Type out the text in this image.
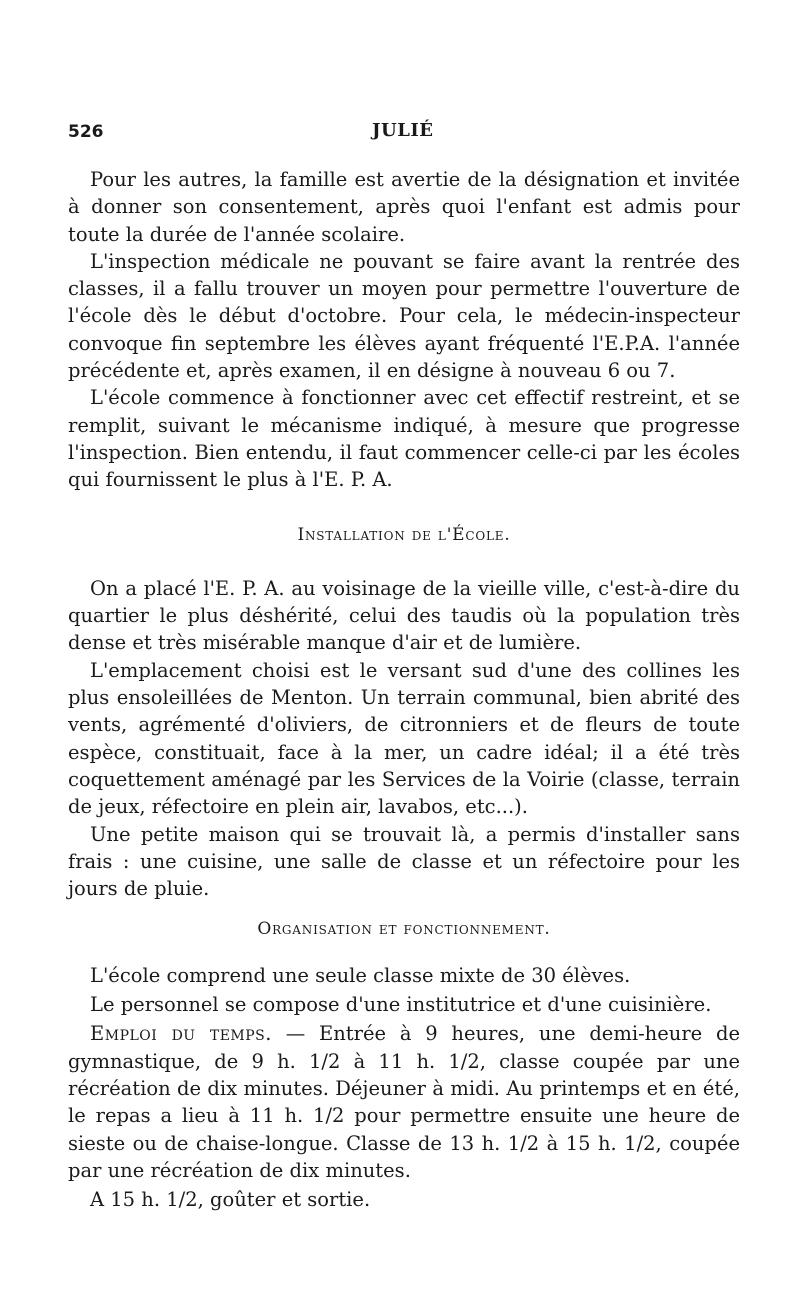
526	JULIÉ

Pour les autres, la famille est avertie de la désignation et invitée à donner son consentement, après quoi l'enfant est admis pour toute la durée de l'année scolaire.

L'inspection médicale ne pouvant se faire avant la rentrée des classes, il a fallu trouver un moyen pour permettre l'ouverture de l'école dès le début d'octobre. Pour cela, le médecin-inspecteur convoque fin septembre les élèves ayant fréquenté l'E.P.A. l'année précédente et, après examen, il en désigne à nouveau 6 ou 7.

L'école commence à fonctionner avec cet effectif restreint, et se remplit, suivant le mécanisme indiqué, à mesure que progresse l'inspection. Bien entendu, il faut commencer celle-ci par les écoles qui fournissent le plus à l'E. P. A.

Installation de l'École.

On a placé l'E. P. A. au voisinage de la vieille ville, c'est-à-dire du quartier le plus déshérité, celui des taudis où la population très dense et très misérable manque d'air et de lumière.

L'emplacement choisi est le versant sud d'une des collines les plus ensoleillées de Menton. Un terrain communal, bien abrité des vents, agrémenté d'oliviers, de citronniers et de fleurs de toute espèce, constituait, face à la mer, un cadre idéal; il a été très coquettement aménagé par les Services de la Voirie (classe, terrain de jeux, réfectoire en plein air, lavabos, etc...).

Une petite maison qui se trouvait là, a permis d'installer sans frais : une cuisine, une salle de classe et un réfectoire pour les jours de pluie.

Organisation et fonctionnement.

L'école comprend une seule classe mixte de 30 élèves.

Le personnel se compose d'une institutrice et d'une cuisinière.

Emploi du temps. — Entrée à 9 heures, une demi-heure de gymnastique, de 9 h. 1/2 à 11 h. 1/2, classe coupée par une récréation de dix minutes. Déjeuner à midi. Au printemps et en été, le repas a lieu à 11 h. 1/2 pour permettre ensuite une heure de sieste ou de chaise-longue. Classe de 13 h. 1/2 à 15 h. 1/2, coupée par une récréation de dix minutes.

A 15 h. 1/2, goûter et sortie.
